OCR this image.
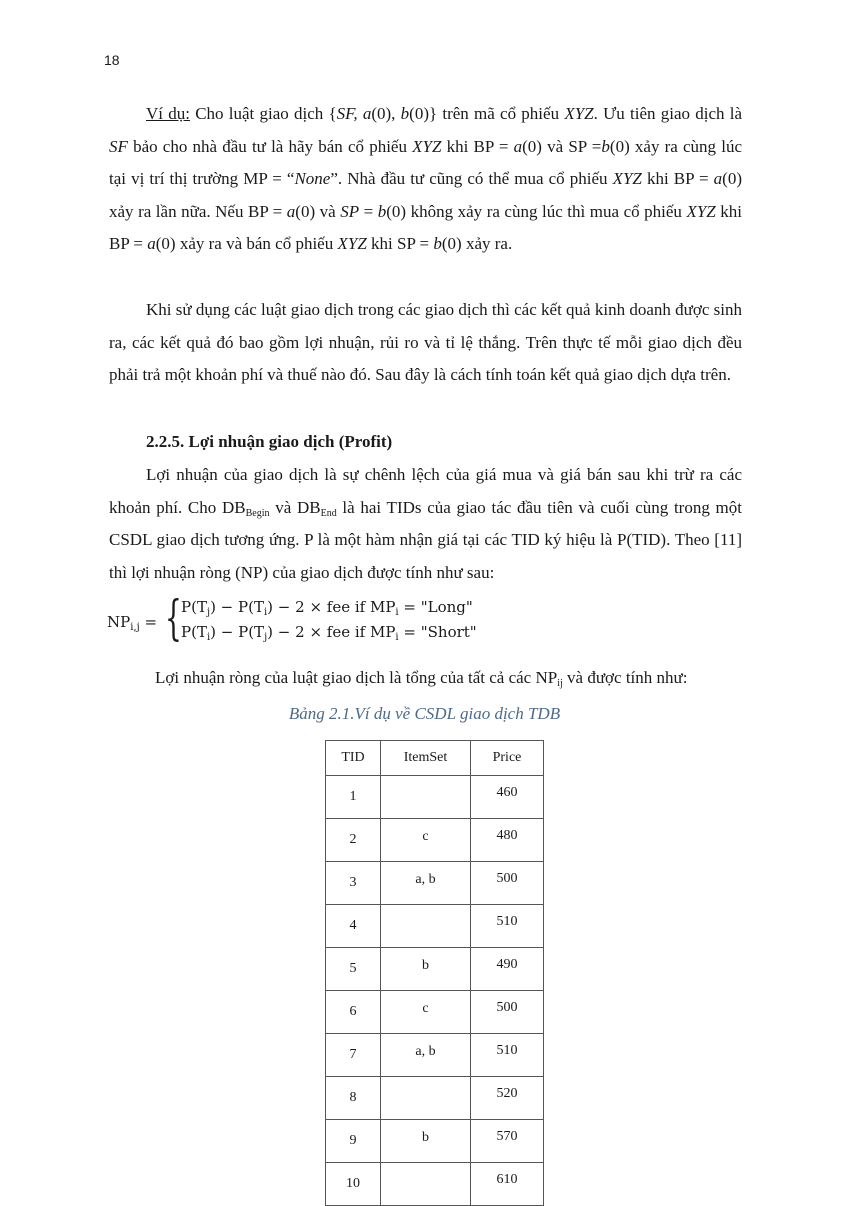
18

Ví dụ: Cho luật giao dịch {SF, a(0), b(0)} trên mã cổ phiếu XYZ. Ưu tiên giao dịch là SF bảo cho nhà đầu tư là hãy bán cổ phiếu XYZ khi BP = a(0) và SP =b(0) xảy ra cùng lúc tại vị trí thị trường MP = “None”. Nhà đầu tư cũng có thể mua cổ phiếu XYZ khi BP = a(0) xảy ra lần nữa. Nếu BP = a(0) và SP = b(0) không xảy ra cùng lúc thì mua cổ phiếu XYZ khi BP = a(0) xảy ra và bán cổ phiếu XYZ khi SP = b(0) xảy ra.

Khi sử dụng các luật giao dịch trong các giao dịch thì các kết quả kinh doanh được sinh ra, các kết quả đó bao gồm lợi nhuận, rủi ro và tỉ lệ thắng. Trên thực tế mỗi giao dịch đều phải trả một khoản phí và thuế nào đó. Sau đây là cách tính toán kết quả giao dịch dựa trên.

2.2.5. Lợi nhuận giao dịch (Profit)

Lợi nhuận của giao dịch là sự chênh lệch của giá mua và giá bán sau khi trừ ra các khoản phí. Cho $DB_{Begin}$ và $DB_{End}$ là hai TIDs của giao tác đầu tiên và cuối cùng trong một CSDL giao dịch tương ứng. P là một hàm nhận giá tại các TID ký hiệu là P(TID). Theo [11] thì lợi nhuận ròng (NP) của giao dịch được tính như sau:

$NP_{i,j}$ = { $P(T_j) - P(T_i) - 2$ × fee if $MP_i$ = "Long"
$P(T_i) - P(T_j) - 2$ × fee if $MP_i$ = "Short"

Lợi nhuận ròng của luật giao dịch là tổng của tất cả các $NP_{ij}$ và được tính như:

Bảng 2.1.Ví dụ về CSDL giao dịch TDB

TID	ItemSet	Price
1		460
2	c	480
3	a, b	500
4		510
5	b	490
6	c	500
7	a, b	510
8		520
9	b	570
10		610
